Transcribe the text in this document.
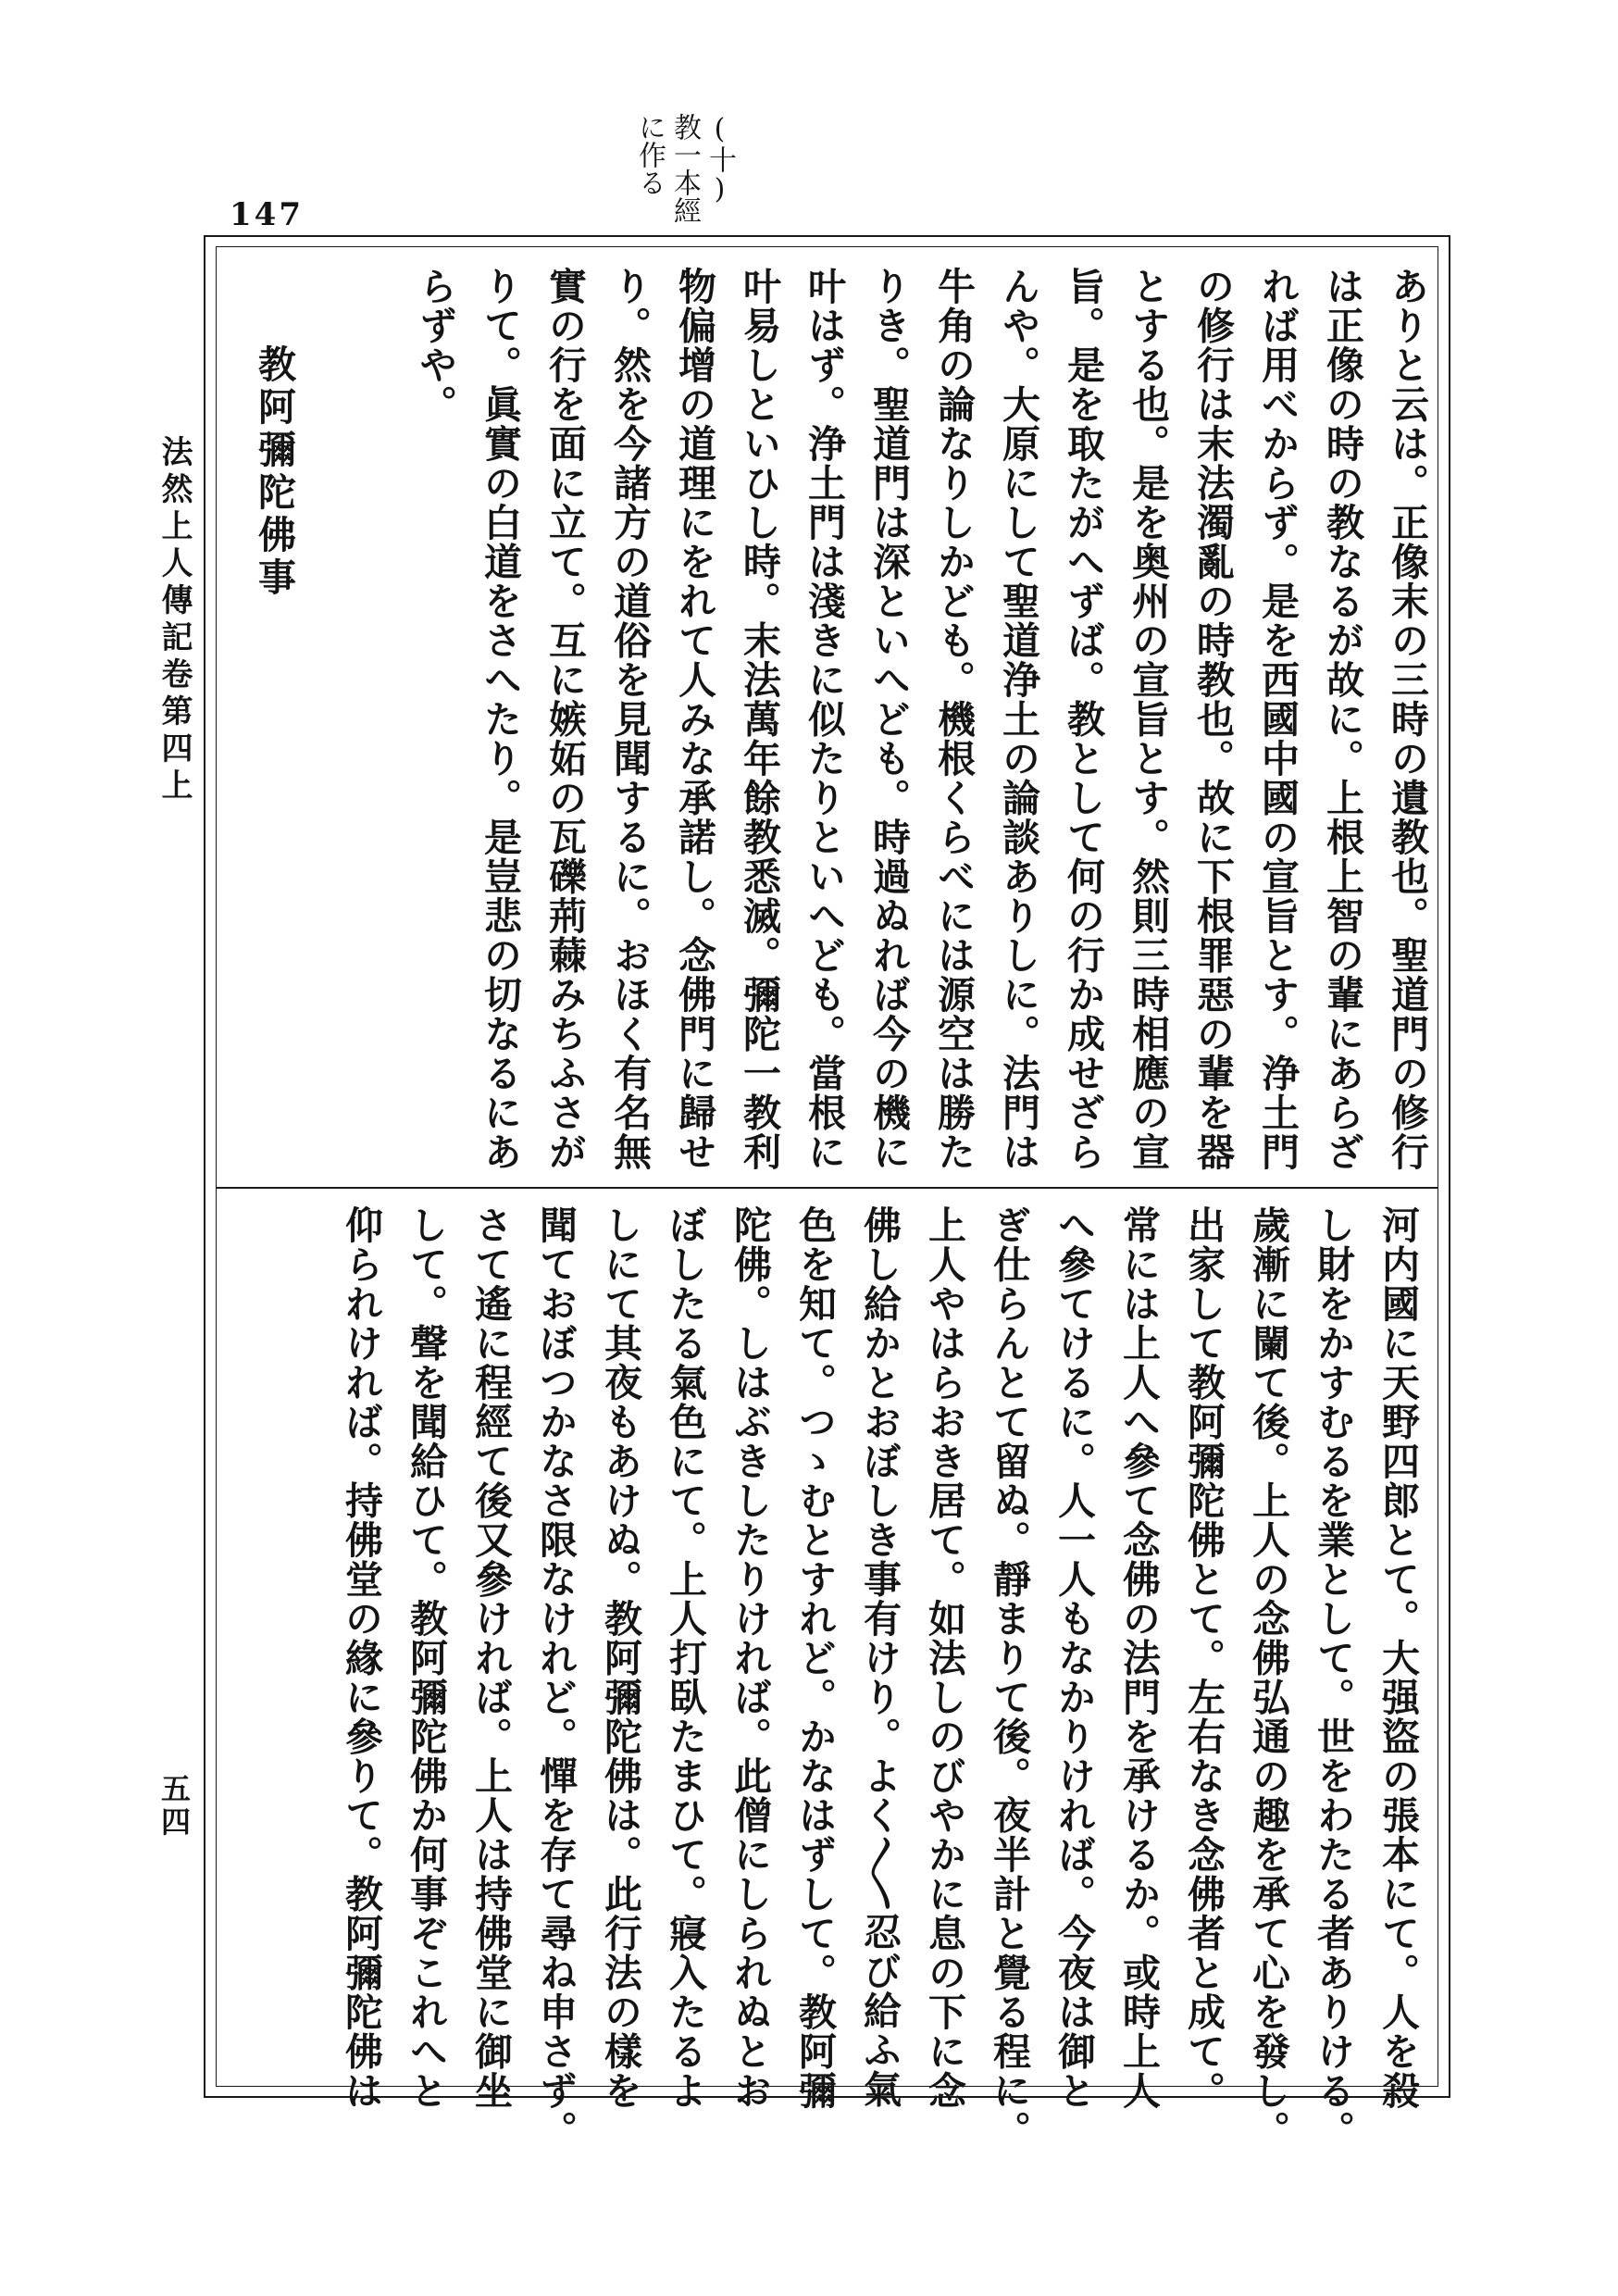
147
(十)
教一本經
に作る
法然上人傳記卷第四上
五四
ありと云は。正像末の三時の遺教也。聖道門の修行
は正像の時の教なるが故に。上根上智の輩にあらざ
れば用べからず。是を西國中國の宣旨とす。浄土門
の修行は末法濁亂の時教也。故に下根罪惡の輩を器
とする也。是を奥州の宣旨とす。然則三時相應の宣
旨。是を取たがへずば。教として何の行か成せざら
んや。大原にして聖道浄土の論談ありしに。法門は
牛角の論なりしかども。機根くらべには源空は勝た
りき。聖道門は深といへども。時過ぬれば今の機に
叶はず。浄土門は淺きに似たりといへども。當根に
叶易しといひし時。末法萬年餘教悉滅。彌陀一教利
物偏增の道理にをれて人みな承諾し。念佛門に歸せ
り。然を今諸方の道俗を見聞するに。おほく有名無
實の行を面に立て。互に嫉妬の瓦礫荊蕀みちふさが
りて。眞實の白道をさへたり。是豈悲の切なるにあ
らずや。
教阿彌陀佛事
河内國に天野四郎とて。大强盜の張本にて。人を殺
し財をかすむるを業として。世をわたる者ありける。
歲漸に闌て後。上人の念佛弘通の趣を承て心を發し。
出家して教阿彌陀佛とて。左右なき念佛者と成て。
常には上人へ參て念佛の法門を承けるか。或時上人
へ參てけるに。人一人もなかりければ。今夜は御と
ぎ仕らんとて留ぬ。靜まりて後。夜半計と覺る程に。
上人やはらおき居て。如法しのびやかに息の下に念
佛し給かとおぼしき事有けり。よく〳〵忍び給ふ氣
色を知て。つゝむとすれど。かなはずして。教阿彌
陀佛。しはぶきしたりければ。此僧にしられぬとお
ぼしたる氣色にて。上人打臥たまひて。寢入たるよ
しにて其夜もあけぬ。教阿彌陀佛は。此行法の樣を
聞ておぼつかなさ限なけれど。憚を存て尋ね申さず。
さて遙に程經て後又參ければ。上人は持佛堂に御坐
して。聲を聞給ひて。教阿彌陀佛か何事ぞこれへと
仰られければ。持佛堂の緣に參りて。教阿彌陀佛は
